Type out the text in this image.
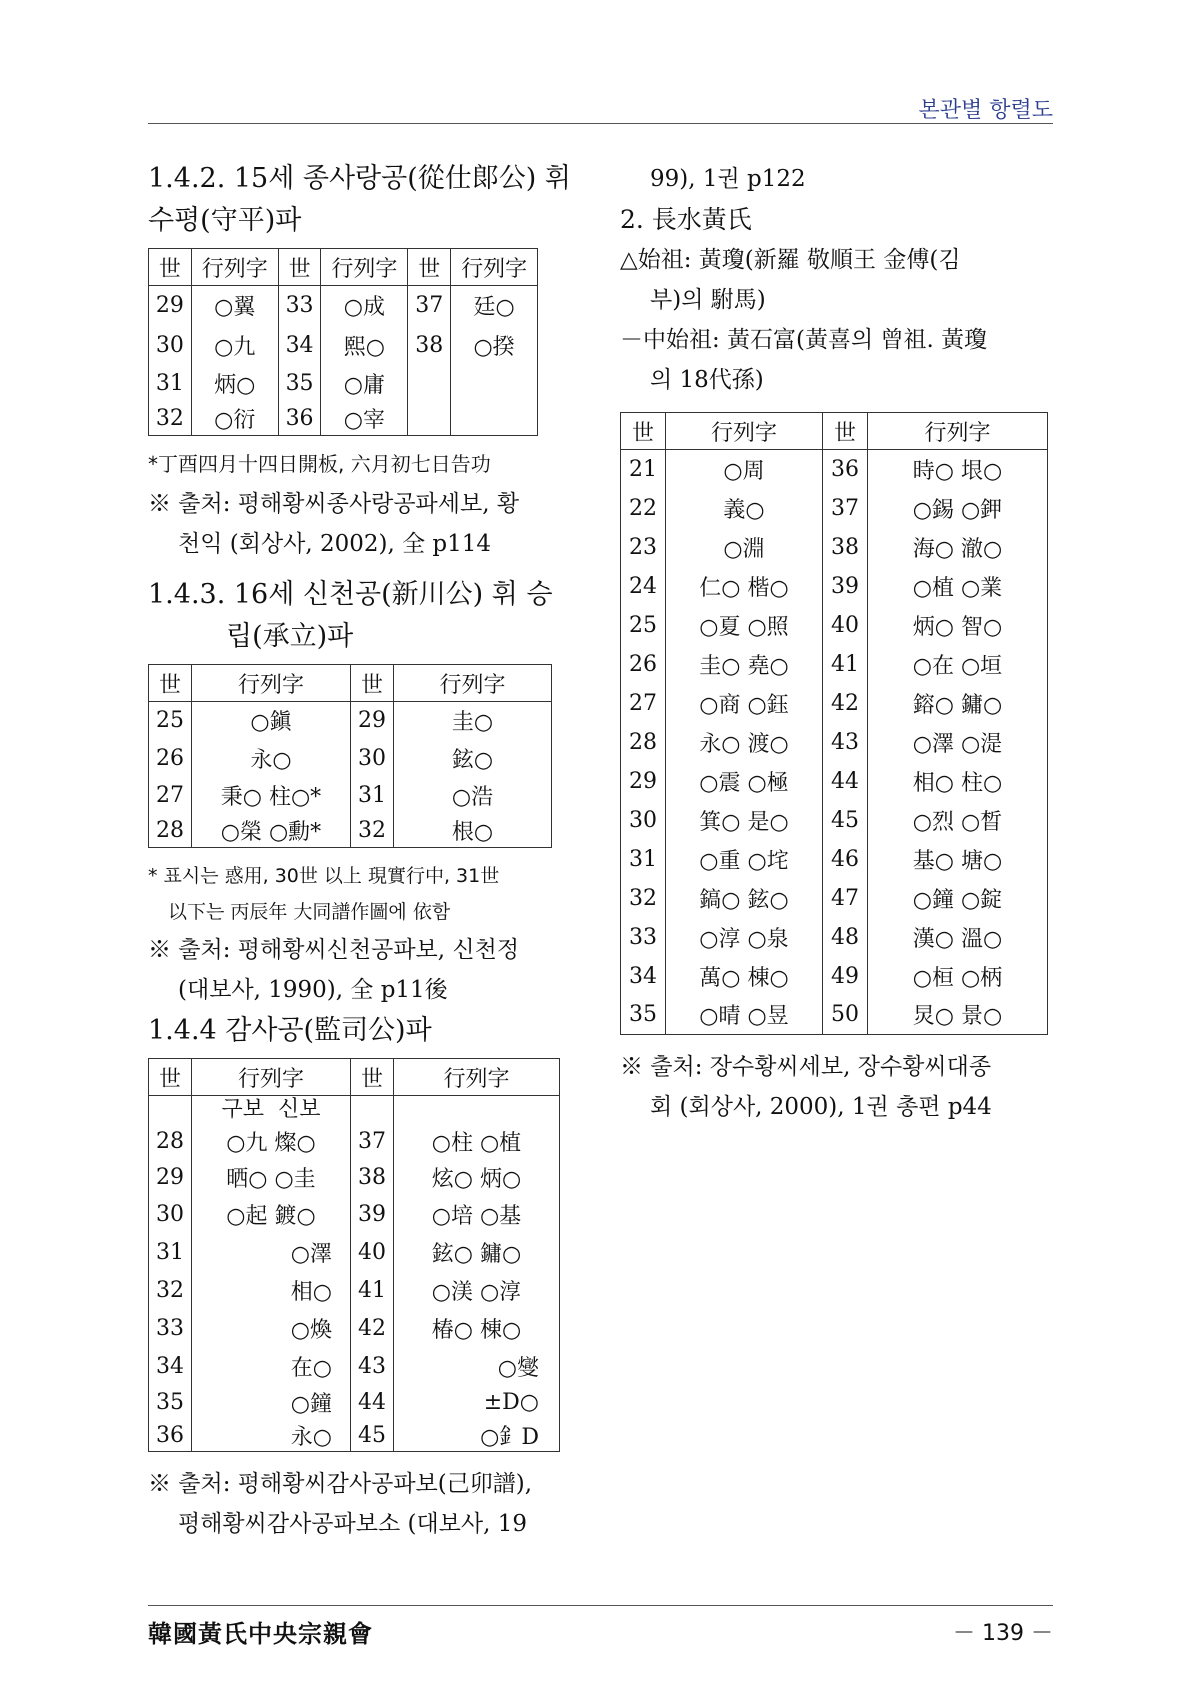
본관별 항렬도

1.4.2. 15세 종사랑공(從仕郞公) 휘

수평(守平)파

世	行列字	世	行列字	世	行列字
29	○翼	33	○成	37	廷○
30	○九	34	熙○	38	○揆
31	炳○	35	○庸		
32	○衍	36	○宰		

*丁酉四月十四日開板, 六月初七日告功

※ 출처: 평해황씨종사랑공파세보, 황

천익 (회상사, 2002), 全 p114

1.4.3. 16세 신천공(新川公) 휘 승

립(承立)파

世	行列字	世	行列字
25	○鎭	29	圭○
26	永○	30	鉉○
27	秉○ 柱○*	31	○浩
28	○榮 ○勳*	32	根○

* 표시는 惑用, 30世 以上 現實行中, 31世

以下는 丙辰年 大同譜作圖에 依함

※ 출처: 평해황씨신천공파보, 신천정

(대보사, 1990), 全 p11後

1.4.4 감사공(監司公)파

世	行列字	世	行列字
	구보  신보		
28	○九 燦○	37	○柱 ○植
29	晒○ ○圭	38	炫○ 炳○
30	○起 鍍○	39	○培 ○基
31	○澤	40	鉉○ 鏞○
32	相○	41	○渼 ○淳
33	○煥	42	椿○ 棟○
34	在○	43	○燮
35	○鐘	44	±D○
36	永○	45	○釒D

※ 출처: 평해황씨감사공파보(己卯譜),

평해황씨감사공파보소 (대보사, 19

99), 1권 p122

2. 長水黃氏

△始祖: 黃瓊(新羅 敬順王 金傅(김

부)의 駙馬)

－中始祖: 黃石富(黃喜의 曾祖. 黃瓊

의 18代孫)

世	行列字	世	行列字
21	○周	36	時○ 垠○
22	義○	37	○錫 ○鉀
23	○淵	38	海○ 澈○
24	仁○ 楷○	39	○植 ○業
25	○夏 ○照	40	炳○ 智○
26	圭○ 堯○	41	○在 ○垣
27	○商 ○鈺	42	鎔○ 鏞○
28	永○ 渡○	43	○澤 ○湜
29	○震 ○極	44	相○ 柱○
30	箕○ 是○	45	○烈 ○晳
31	○重 ○垞	46	基○ 塘○
32	鎬○ 鉉○	47	○鐘 ○錠
33	○淳 ○泉	48	漢○ 溫○
34	萬○ 棟○	49	○桓 ○柄
35	○晴 ○昱	50	炅○ 景○

※ 출처: 장수황씨세보, 장수황씨대종

회 (회상사, 2000), 1권 총편 p44

韓國黃氏中央宗親會	－ 139 －
